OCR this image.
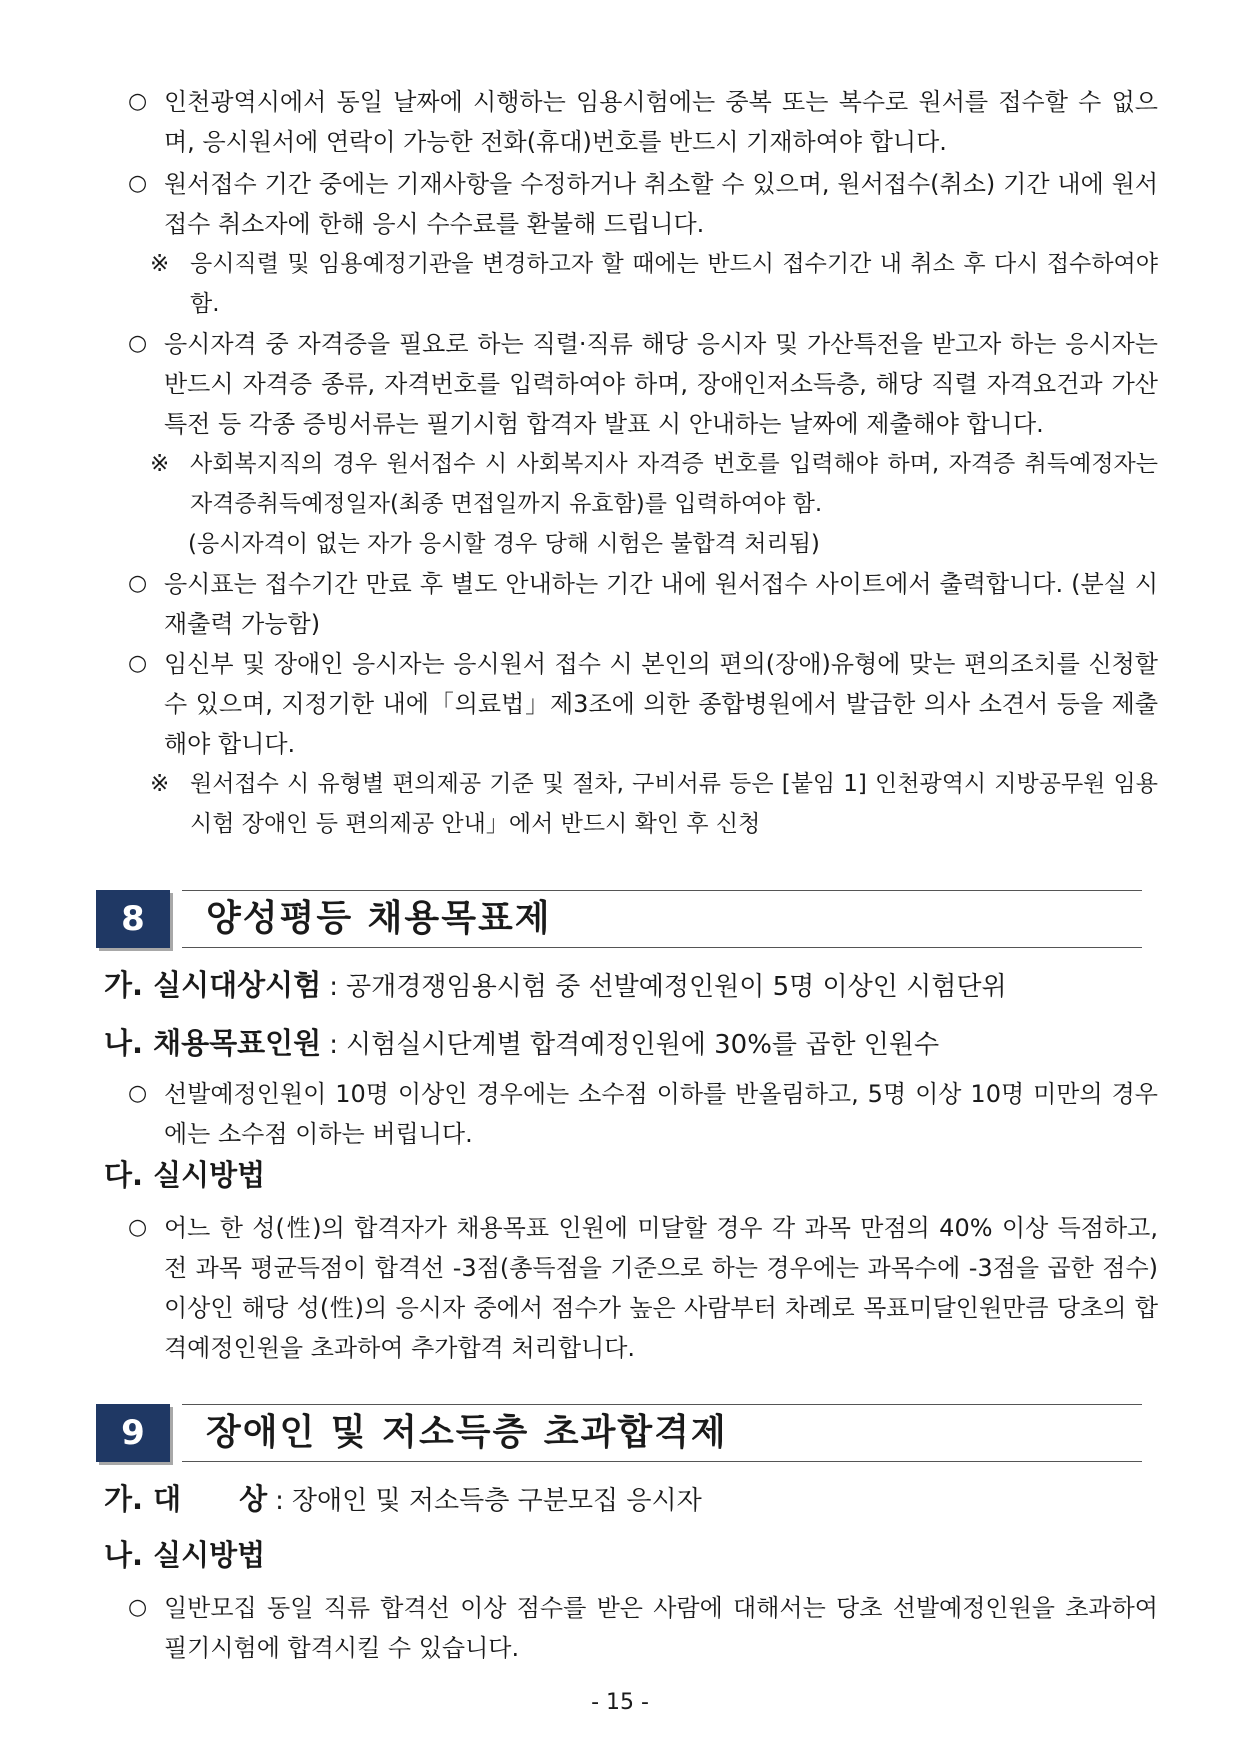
○ 인천광역시에서 동일 날짜에 시행하는 임용시험에는 중복 또는 복수로 원서를 접수할 수 없으며, 응시원서에 연락이 가능한 전화(휴대)번호를 반드시 기재하여야 합니다.
○ 원서접수 기간 중에는 기재사항을 수정하거나 취소할 수 있으며, 원서접수(취소) 기간 내에 원서접수 취소자에 한해 응시 수수료를 환불해 드립니다.
※ 응시직렬 및 임용예정기관을 변경하고자 할 때에는 반드시 접수기간 내 취소 후 다시 접수하여야 함.
○ 응시자격 중 자격증을 필요로 하는 직렬·직류 해당 응시자 및 가산특전을 받고자 하는 응시자는 반드시 자격증 종류, 자격번호를 입력하여야 하며, 장애인저소득층, 해당 직렬 자격요건과 가산특전 등 각종 증빙서류는 필기시험 합격자 발표 시 안내하는 날짜에 제출해야 합니다.
※ 사회복지직의 경우 원서접수 시 사회복지사 자격증 번호를 입력해야 하며, 자격증 취득예정자는 자격증취득예정일자(최종 면접일까지 유효함)를 입력하여야 함.
(응시자격이 없는 자가 응시할 경우 당해 시험은 불합격 처리됨)
○ 응시표는 접수기간 만료 후 별도 안내하는 기간 내에 원서접수 사이트에서 출력합니다. (분실 시 재출력 가능함)
○ 임신부 및 장애인 응시자는 응시원서 접수 시 본인의 편의(장애)유형에 맞는 편의조치를 신청할 수 있으며, 지정기한 내에「의료법」제3조에 의한 종합병원에서 발급한 의사 소견서 등을 제출해야 합니다.
※ 원서접수 시 유형별 편의제공 기준 및 절차, 구비서류 등은 [붙임 1] 인천광역시 지방공무원 임용시험 장애인 등 편의제공 안내」에서 반드시 확인 후 신청
8	양성평등 채용목표제
가. 실시대상시험 : 공개경쟁임용시험 중 선발예정인원이 5명 이상인 시험단위
나. 채용목표인원 : 시험실시단계별 합격예정인원에 30%를 곱한 인원수
○ 선발예정인원이 10명 이상인 경우에는 소수점 이하를 반올림하고, 5명 이상 10명 미만의 경우에는 소수점 이하는 버립니다.
다. 실시방법
○ 어느 한 성(性)의 합격자가 채용목표 인원에 미달할 경우 각 과목 만점의 40% 이상 득점하고, 전 과목 평균득점이 합격선 -3점(총득점을 기준으로 하는 경우에는 과목수에 -3점을 곱한 점수) 이상인 해당 성(性)의 응시자 중에서 점수가 높은 사람부터 차례로 목표미달인원만큼 당초의 합격예정인원을 초과하여 추가합격 처리합니다.
9	장애인 및 저소득층 초과합격제
가. 대　　상 : 장애인 및 저소득층 구분모집 응시자
나. 실시방법
○ 일반모집 동일 직류 합격선 이상 점수를 받은 사람에 대해서는 당초 선발예정인원을 초과하여 필기시험에 합격시킬 수 있습니다.
- 15 -
